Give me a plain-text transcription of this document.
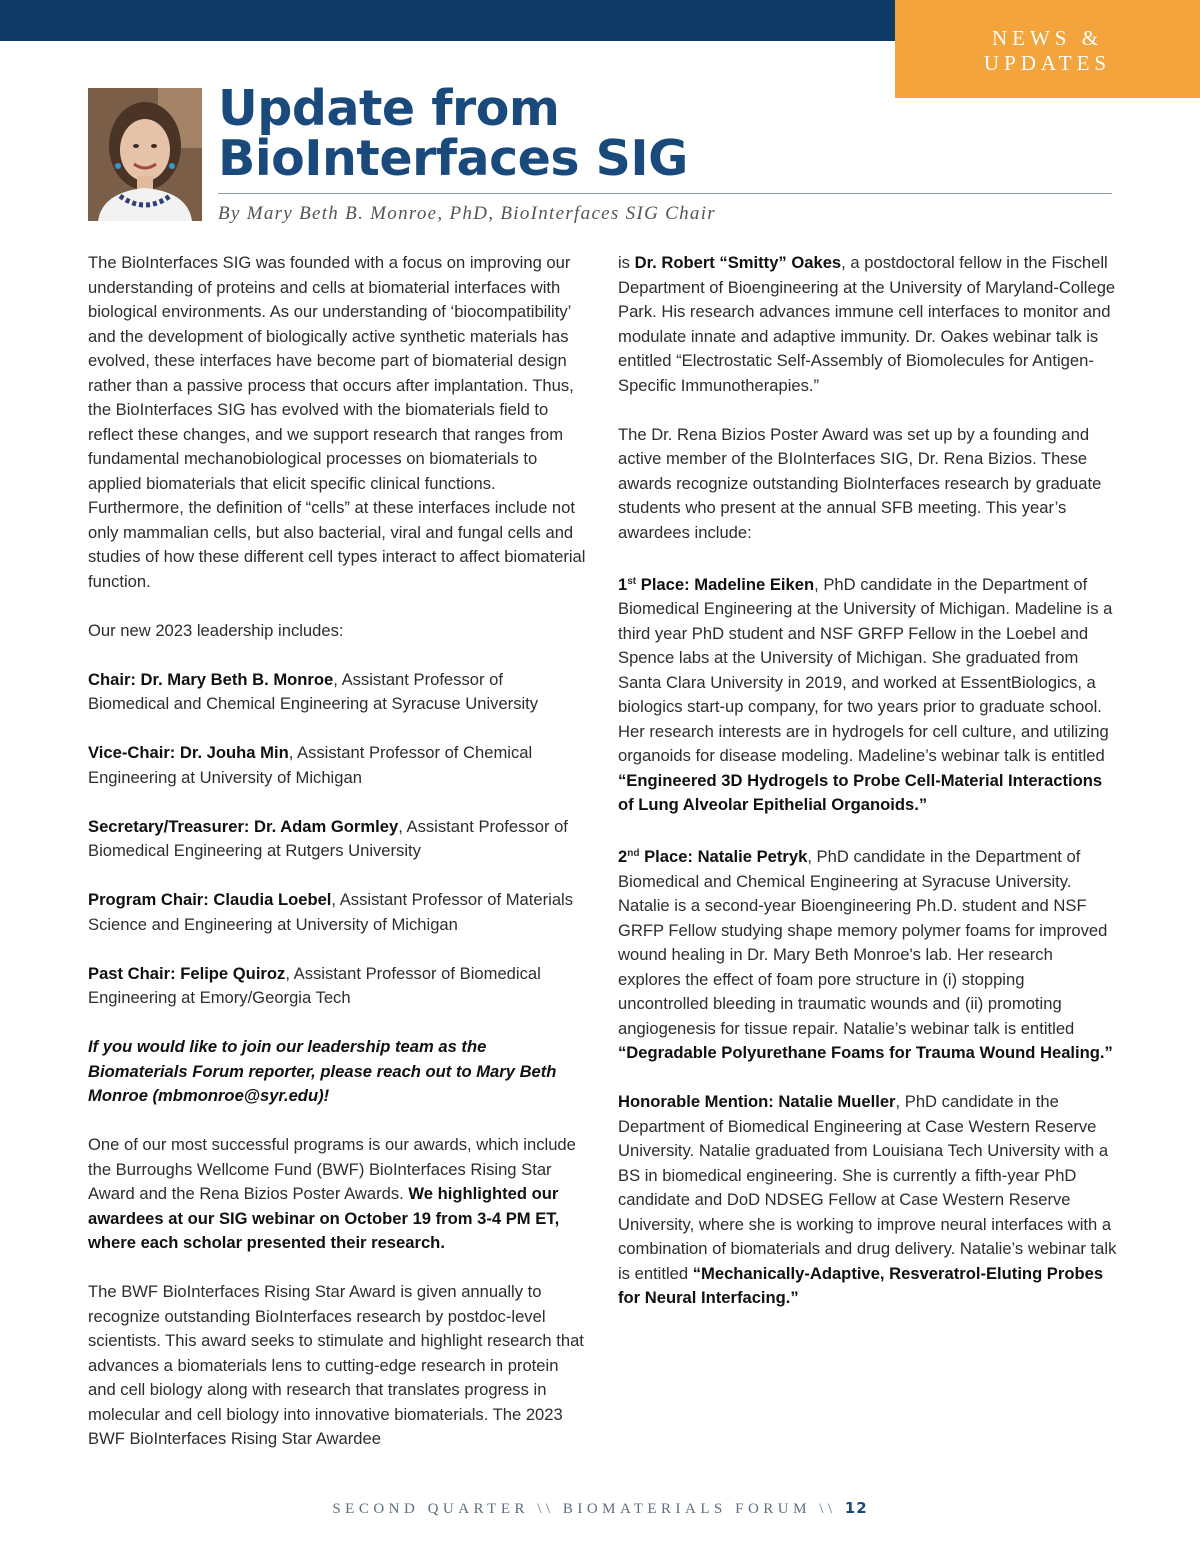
NEWS &
UPDATES
Update from
BioInterfaces SIG
By Mary Beth B. Monroe, PhD, BioInterfaces SIG Chair

The BioInterfaces SIG was founded with a focus on improving our understanding of proteins and cells at biomaterial interfaces with biological environments. As our understanding of ‘biocompatibility’ and the development of biologically active synthetic materials has evolved, these interfaces have become part of biomaterial design rather than a passive process that occurs after implantation. Thus, the BioInterfaces SIG has evolved with the biomaterials field to reflect these changes, and we support research that ranges from fundamental mechanobiological processes on biomaterials to applied biomaterials that elicit specific clinical functions. Furthermore, the definition of “cells” at these interfaces include not only mammalian cells, but also bacterial, viral and fungal cells and studies of how these different cell types interact to affect biomaterial function.

Our new 2023 leadership includes:

Chair: Dr. Mary Beth B. Monroe, Assistant Professor of Biomedical and Chemical Engineering at Syracuse University

Vice-Chair: Dr. Jouha Min, Assistant Professor of Chemical Engineering at University of Michigan

Secretary/Treasurer: Dr. Adam Gormley, Assistant Professor of Biomedical Engineering at Rutgers University

Program Chair: Claudia Loebel, Assistant Professor of Materials Science and Engineering at University of Michigan

Past Chair: Felipe Quiroz, Assistant Professor of Biomedical Engineering at Emory/Georgia Tech

If you would like to join our leadership team as the Biomaterials Forum reporter, please reach out to Mary Beth Monroe (mbmonroe@syr.edu)!

One of our most successful programs is our awards, which include the Burroughs Wellcome Fund (BWF) BioInterfaces Rising Star Award and the Rena Bizios Poster Awards. We highlighted our awardees at our SIG webinar on October 19 from 3-4 PM ET, where each scholar presented their research.

The BWF BioInterfaces Rising Star Award is given annually to recognize outstanding BioInterfaces research by postdoc-level scientists. This award seeks to stimulate and highlight research that advances a biomaterials lens to cutting-edge research in protein and cell biology along with research that translates progress in molecular and cell biology into innovative biomaterials. The 2023 BWF BioInterfaces Rising Star Awardee

is Dr. Robert “Smitty” Oakes, a postdoctoral fellow in the Fischell Department of Bioengineering at the University of Maryland-College Park. His research advances immune cell interfaces to monitor and modulate innate and adaptive immunity. Dr. Oakes webinar talk is entitled “Electrostatic Self-Assembly of Biomolecules for Antigen-Specific Immunotherapies.”

The Dr. Rena Bizios Poster Award was set up by a founding and active member of the BIoInterfaces SIG, Dr. Rena Bizios. These awards recognize outstanding BioInterfaces research by graduate students who present at the annual SFB meeting. This year’s awardees include:

1st Place: Madeline Eiken, PhD candidate in the Department of Biomedical Engineering at the University of Michigan. Madeline is a third year PhD student and NSF GRFP Fellow in the Loebel and Spence labs at the University of Michigan. She graduated from Santa Clara University in 2019, and worked at EssentBiologics, a biologics start-up company, for two years prior to graduate school. Her research interests are in hydrogels for cell culture, and utilizing organoids for disease modeling. Madeline’s webinar talk is entitled “Engineered 3D Hydrogels to Probe Cell-Material Interactions of Lung Alveolar Epithelial Organoids.”

2nd Place: Natalie Petryk, PhD candidate in the Department of Biomedical and Chemical Engineering at Syracuse University. Natalie is a second-year Bioengineering Ph.D. student and NSF GRFP Fellow studying shape memory polymer foams for improved wound healing in Dr. Mary Beth Monroe's lab. Her research explores the effect of foam pore structure in (i) stopping uncontrolled bleeding in traumatic wounds and (ii) promoting angiogenesis for tissue repair. Natalie’s webinar talk is entitled “Degradable Polyurethane Foams for Trauma Wound Healing.”

Honorable Mention: Natalie Mueller, PhD candidate in the Department of Biomedical Engineering at Case Western Reserve University. Natalie graduated from Louisiana Tech University with a BS in biomedical engineering. She is currently a fifth-year PhD candidate and DoD NDSEG Fellow at Case Western Reserve University, where she is working to improve neural interfaces with a combination of biomaterials and drug delivery. Natalie’s webinar talk is entitled “Mechanically-Adaptive, Resveratrol-Eluting Probes for Neural Interfacing.”

SECOND QUARTER \\ BIOMATERIALS FORUM \\ 12
